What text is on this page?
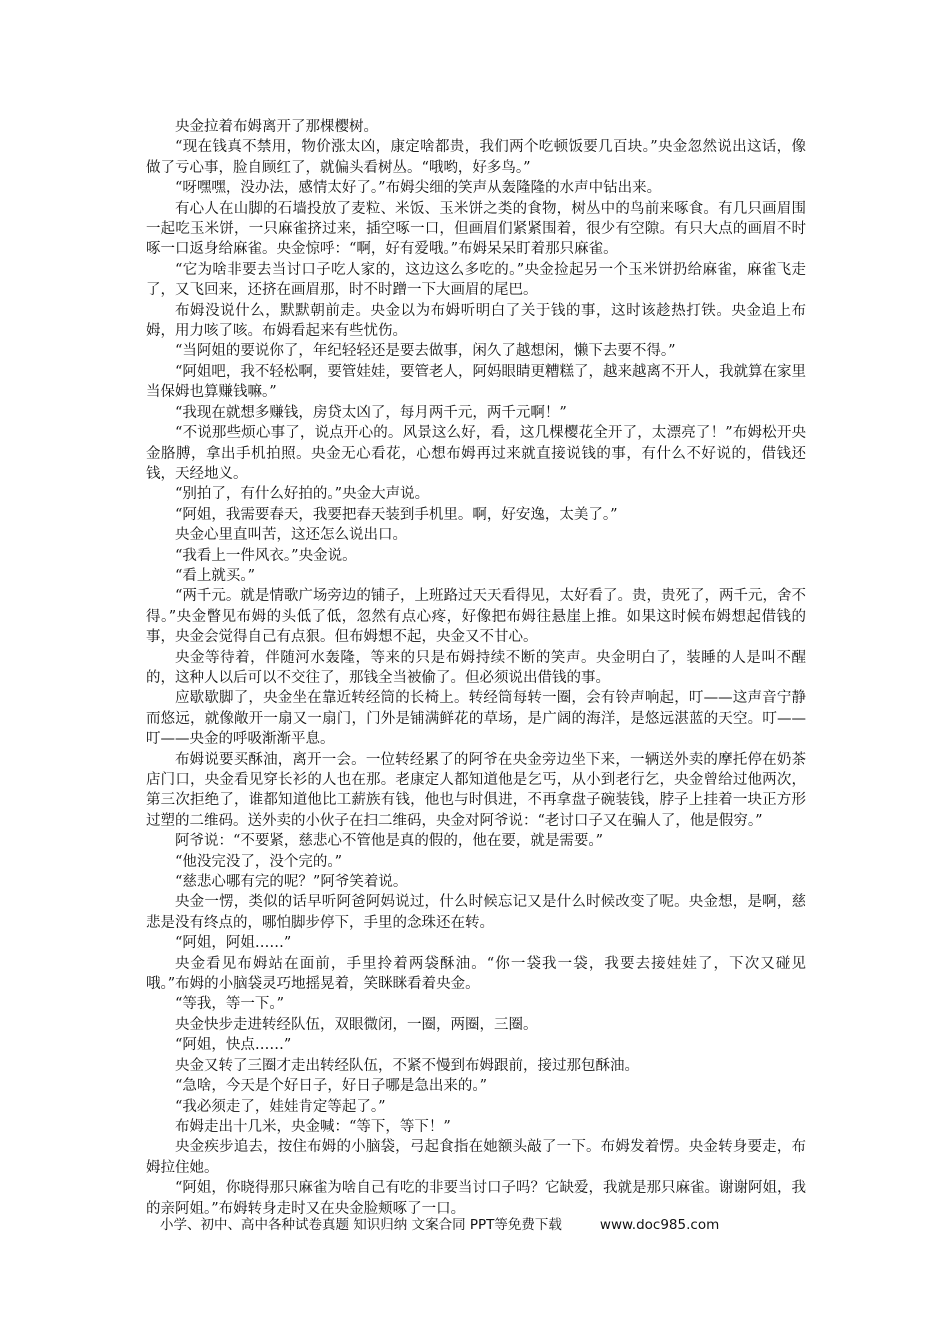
央金拉着布姆离开了那棵樱树。

“现在钱真不禁用，物价涨太凶，康定啥都贵，我们两个吃顿饭要几百块。”央金忽然说出这话，像做了亏心事，脸自顾红了，就偏头看树丛。“哦哟，好多鸟。”

“呀嘿嘿，没办法，感情太好了。”布姆尖细的笑声从轰隆隆的水声中钻出来。

有心人在山脚的石墙投放了麦粒、米饭、玉米饼之类的食物，树丛中的鸟前来啄食。有几只画眉围一起吃玉米饼，一只麻雀挤过来，插空啄一口，但画眉们紧紧围着，很少有空隙。有只大点的画眉不时啄一口返身给麻雀。央金惊呼：“啊，好有爱哦。”布姆呆呆盯着那只麻雀。

“它为啥非要去当讨口子吃人家的，这边这么多吃的。”央金捡起另一个玉米饼扔给麻雀，麻雀飞走了，又飞回来，还挤在画眉那，时不时蹭一下大画眉的尾巴。

布姆没说什么，默默朝前走。央金以为布姆听明白了关于钱的事，这时该趁热打铁。央金追上布姆，用力咳了咳。布姆看起来有些忧伤。

“当阿姐的要说你了，年纪轻轻还是要去做事，闲久了越想闲，懒下去要不得。”

“阿姐吧，我不轻松啊，要管娃娃，要管老人，阿妈眼睛更糟糕了，越来越离不开人，我就算在家里当保姆也算赚钱嘛。”

“我现在就想多赚钱，房贷太凶了，每月两千元，两千元啊！”

“不说那些烦心事了，说点开心的。风景这么好，看，这几棵樱花全开了，太漂亮了！”布姆松开央金胳膊，拿出手机拍照。央金无心看花，心想布姆再过来就直接说钱的事，有什么不好说的，借钱还钱，天经地义。

“别拍了，有什么好拍的。”央金大声说。

“阿姐，我需要春天，我要把春天装到手机里。啊，好安逸，太美了。”

央金心里直叫苦，这还怎么说出口。

“我看上一件风衣。”央金说。

“看上就买。”

“两千元。就是情歌广场旁边的铺子，上班路过天天看得见，太好看了。贵，贵死了，两千元，舍不得。”央金瞥见布姆的头低了低，忽然有点心疼，好像把布姆往悬崖上推。如果这时候布姆想起借钱的事，央金会觉得自己有点狠。但布姆想不起，央金又不甘心。

央金等待着，伴随河水轰隆，等来的只是布姆持续不断的笑声。央金明白了，装睡的人是叫不醒的，这种人以后可以不交往了，那钱全当被偷了。但必须说出借钱的事。

应歇歇脚了，央金坐在靠近转经筒的长椅上。转经筒每转一圈，会有铃声响起，叮——这声音宁静而悠远，就像敞开一扇又一扇门，门外是铺满鲜花的草场，是广阔的海洋，是悠远湛蓝的天空。叮——叮——央金的呼吸渐渐平息。

布姆说要买酥油，离开一会。一位转经累了的阿爷在央金旁边坐下来，一辆送外卖的摩托停在奶茶店门口，央金看见穿长衫的人也在那。老康定人都知道他是乞丐，从小到老行乞，央金曾给过他两次，第三次拒绝了，谁都知道他比工薪族有钱，他也与时俱进，不再拿盘子碗装钱，脖子上挂着一块正方形过塑的二维码。送外卖的小伙子在扫二维码，央金对阿爷说：“老讨口子又在骗人了，他是假穷。”

阿爷说：“不要紧，慈悲心不管他是真的假的，他在要，就是需要。”

“他没完没了，没个完的。”

“慈悲心哪有完的呢？”阿爷笑着说。

央金一愣，类似的话早听阿爸阿妈说过，什么时候忘记又是什么时候改变了呢。央金想，是啊，慈悲是没有终点的，哪怕脚步停下，手里的念珠还在转。

“阿姐，阿姐……”

央金看见布姆站在面前，手里拎着两袋酥油。“你一袋我一袋，我要去接娃娃了，下次又碰见哦。”布姆的小脑袋灵巧地摇晃着，笑眯眯看着央金。

“等我，等一下。”

央金快步走进转经队伍，双眼微闭，一圈，两圈，三圈。

“阿姐，快点……”

央金又转了三圈才走出转经队伍，不紧不慢到布姆跟前，接过那包酥油。

“急啥，今天是个好日子，好日子哪是急出来的。”

“我必须走了，娃娃肯定等起了。”

布姆走出十几米，央金喊：“等下，等下！”

央金疾步追去，按住布姆的小脑袋，弓起食指在她额头敲了一下。布姆发着愣。央金转身要走，布姆拉住她。

“阿姐，你晓得那只麻雀为啥自己有吃的非要当讨口子吗？它缺爱，我就是那只麻雀。谢谢阿姐，我的亲阿姐。”布姆转身走时又在央金脸颊啄了一口。

小学、初中、高中各种试卷真题 知识归纳 文案合同 PPT等免费下载	www.doc985.com
